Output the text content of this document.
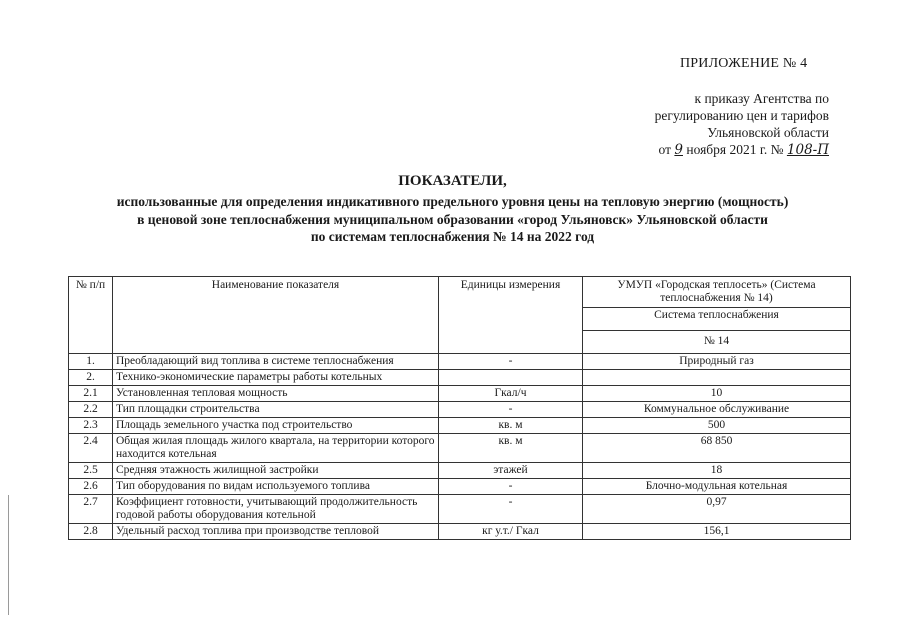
ПРИЛОЖЕНИЕ № 4
к приказу Агентства по
регулированию цен и тарифов
Ульяновской области
от 9 ноября 2021 г. № 108-П
ПОКАЗАТЕЛИ,
использованные для определения индикативного предельного уровня цены на тепловую энергию (мощность)
в ценовой зоне теплоснабжения муниципальном образовании «город Ульяновск» Ульяновской области
по системам теплоснабжения № 14 на 2022 год
№ п/п	Наименование показателя	Единицы измерения	УМУП «Городская теплосеть» (Система теплоснабжения № 14)
			Система теплоснабжения
			№ 14
1.	Преобладающий вид топлива в системе теплоснабжения	-	Природный газ
2.	Технико-экономические параметры работы котельных		
2.1	Установленная тепловая мощность	Гкал/ч	10
2.2	Тип площадки строительства	-	Коммунальное обслуживание
2.3	Площадь земельного участка под строительство	кв. м	500
2.4	Общая жилая площадь жилого квартала, на территории которого находится котельная	кв. м	68 850
2.5	Средняя этажность жилищной застройки	этажей	18
2.6	Тип оборудования по видам используемого топлива	-	Блочно-модульная котельная
2.7	Коэффициент готовности, учитывающий продолжительность годовой работы оборудования котельной	-	0,97
2.8	Удельный расход топлива при производстве тепловой	кг у.т./ Гкал	156,1
